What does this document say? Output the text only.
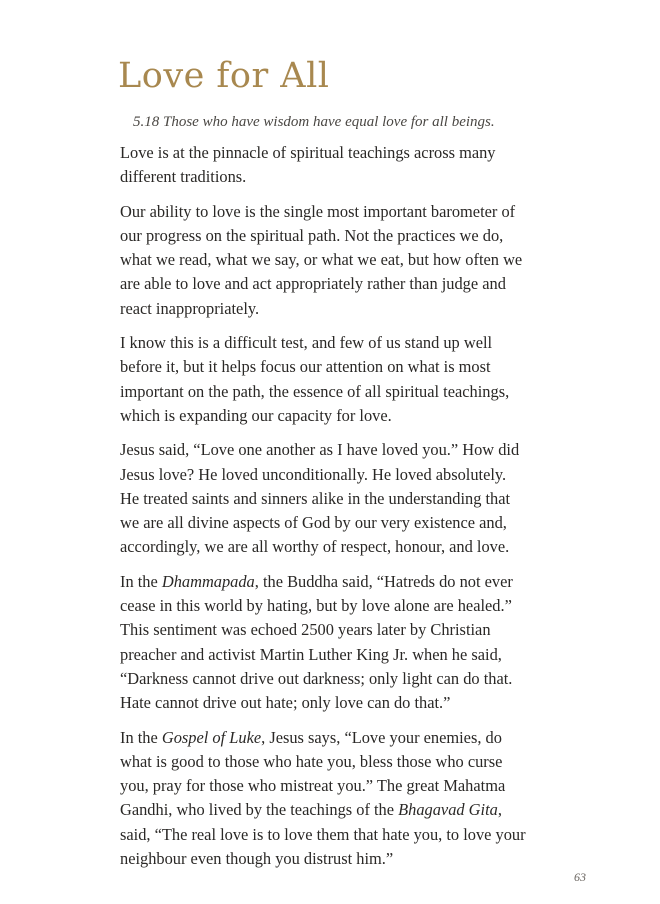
Love for All

5.18 Those who have wisdom have equal love for all beings.

Love is at the pinnacle of spiritual teachings across many
different traditions.

Our ability to love is the single most important barometer of
our progress on the spiritual path. Not the practices we do,
what we read, what we say, or what we eat, but how often we
are able to love and act appropriately rather than judge and
react inappropriately.

I know this is a difficult test, and few of us stand up well
before it, but it helps focus our attention on what is most
important on the path, the essence of all spiritual teachings,
which is expanding our capacity for love.

Jesus said, “Love one another as I have loved you.” How did
Jesus love? He loved unconditionally. He loved absolutely.
He treated saints and sinners alike in the understanding that
we are all divine aspects of God by our very existence and,
accordingly, we are all worthy of respect, honour, and love.

In the Dhammapada, the Buddha said, “Hatreds do not ever
cease in this world by hating, but by love alone are healed.”
This sentiment was echoed 2500 years later by Christian
preacher and activist Martin Luther King Jr. when he said,
“Darkness cannot drive out darkness; only light can do that.
Hate cannot drive out hate; only love can do that.”

In the Gospel of Luke, Jesus says, “Love your enemies, do
what is good to those who hate you, bless those who curse
you, pray for those who mistreat you.” The great Mahatma
Gandhi, who lived by the teachings of the Bhagavad Gita,
said, “The real love is to love them that hate you, to love your
neighbour even though you distrust him.”

63
